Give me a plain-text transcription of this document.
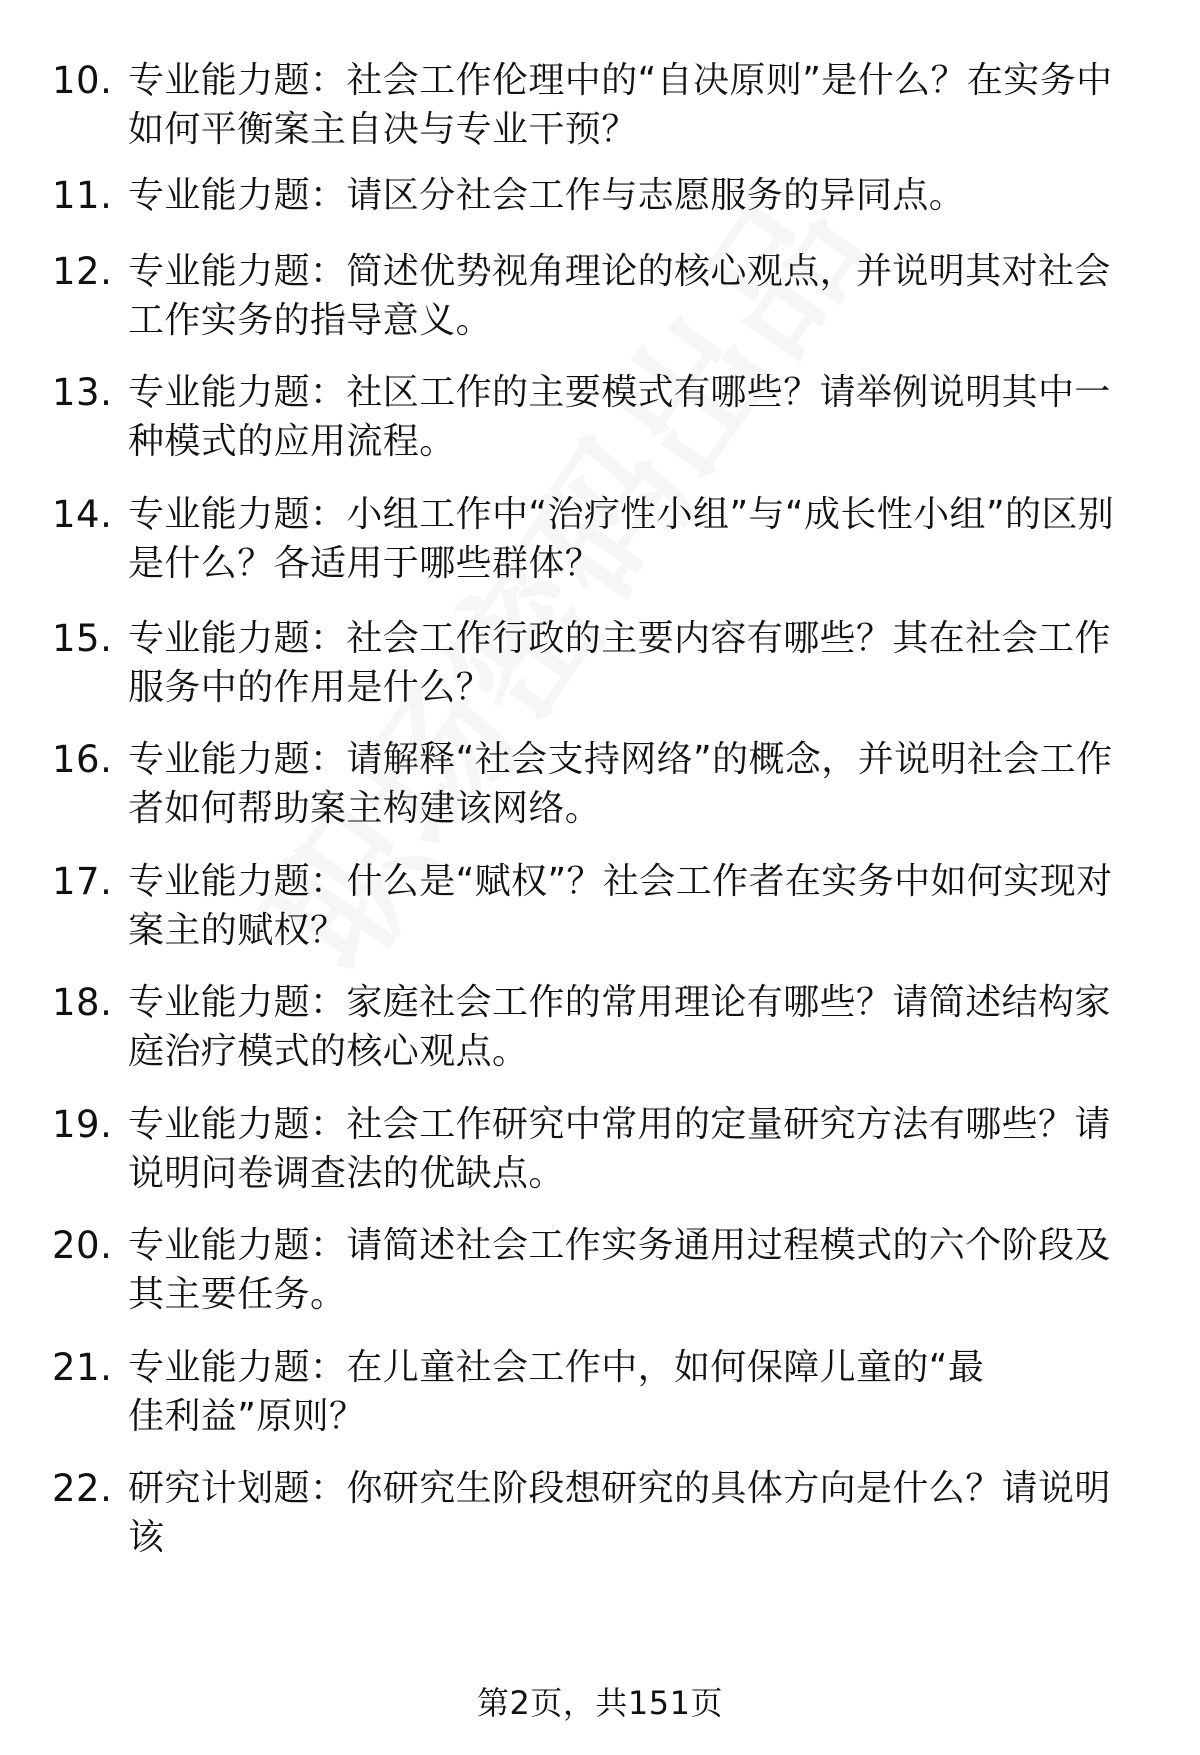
10. 专业能力题：社会工作伦理中的“自决原则”是什么？在实务中如何平衡案主自决与专业干预？
11. 专业能力题：请区分社会工作与志愿服务的异同点。
12. 专业能力题：简述优势视角理论的核心观点，并说明其对社会工作实务的指导意义。
13. 专业能力题：社区工作的主要模式有哪些？请举例说明其中一种模式的应用流程。
14. 专业能力题：小组工作中“治疗性小组”与“成长性小组”的区别是什么？各适用于哪些群体？
15. 专业能力题：社会工作行政的主要内容有哪些？其在社会工作服务中的作用是什么？
16. 专业能力题：请解释“社会支持网络”的概念，并说明社会工作者如何帮助案主构建该网络。
17. 专业能力题：什么是“赋权”？社会工作者在实务中如何实现对案主的赋权？
18. 专业能力题：家庭社会工作的常用理论有哪些？请简述结构家庭治疗模式的核心观点。
19. 专业能力题：社会工作研究中常用的定量研究方法有哪些？请说明问卷调查法的优缺点。
20. 专业能力题：请简述社会工作实务通用过程模式的六个阶段及其主要任务。
21. 专业能力题：在儿童社会工作中，如何保障儿童的“最佳利益”原则？
22. 研究计划题：你研究生阶段想研究的具体方向是什么？请说明该
第2页，共151页
